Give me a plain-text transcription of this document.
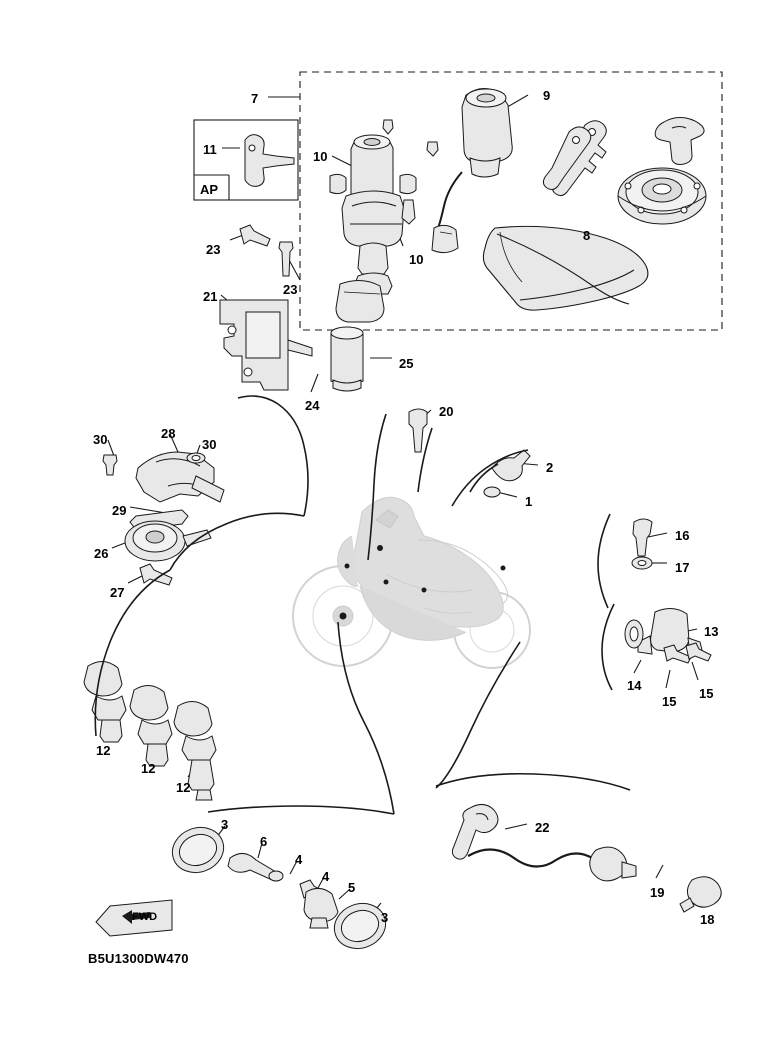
AP
FWD
B5U1300DW470
7	9
11	10
23
10
23
8
21
25
24	20
30	28
30
2
1
29
26
27
16
17
13
14
15
15
12
12
12
3
6
4
4
5
3
22
19
18
